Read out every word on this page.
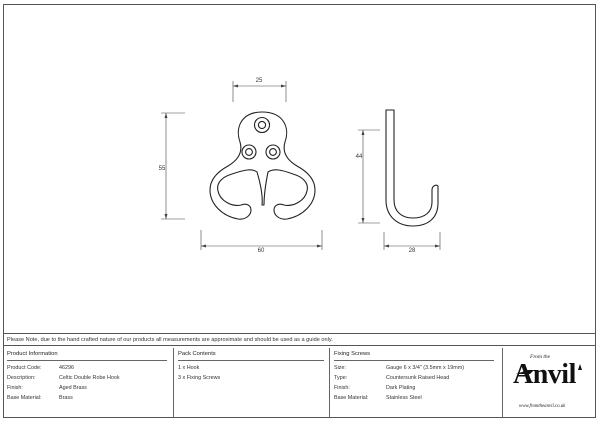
25
55
60
44
28
Please Note, due to the hand crafted nature of our products all measurements are approximate and should be used as a guide only.
Product Information
Product Code:	46296
Description:	Celtic Double Robe Hook
Finish:	Aged Brass
Base Material:	Brass
Pack Contents
1 x Hook
3 x Fixing Screws
Fixing Screws
Size:	Gauge 6 x 3/4" (3.5mm x 19mm)
Type:	Countersunk Raised Head
Finish:	Dark Plating
Base Material:	Stainless Steel
From the
Anvil
www.fromtheanvil.co.uk
